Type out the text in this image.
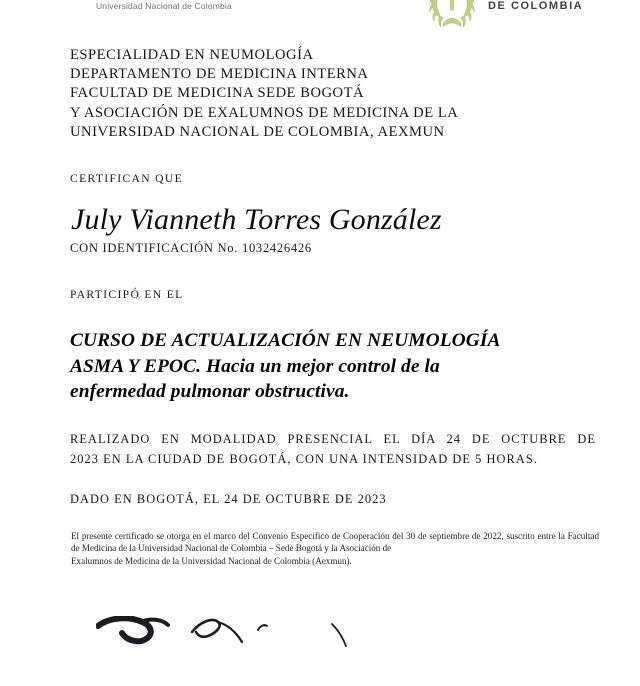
Universidad Nacional de Colombia	DE COLOMBIA
ESPECIALIDAD EN NEUMOLOGÍA
DEPARTAMENTO DE MEDICINA INTERNA
FACULTAD DE MEDICINA SEDE BOGOTÁ
Y ASOCIACIÓN DE EXALUMNOS DE MEDICINA DE LA
UNIVERSIDAD NACIONAL DE COLOMBIA, AEXMUN
CERTIFICAN QUE
July Vianneth Torres González
CON IDENTIFICACIÓN No. 1032426426
PARTICIPÓ EN EL
CURSO DE ACTUALIZACIÓN EN NEUMOLOGÍA
ASMA Y EPOC. Hacia un mejor control de la
enfermedad pulmonar obstructiva.
REALIZADO EN MODALIDAD PRESENCIAL EL DÍA 24 DE OCTUBRE DE
2023 EN LA CIUDAD DE BOGOTÁ, CON UNA INTENSIDAD DE 5 HORAS.
DADO EN BOGOTÁ, EL 24 DE OCTUBRE DE 2023
El presente certificado se otorga en el marco del Convenio Específico de Cooperación del 30 de septiembre de 2022, suscrito entre la Facultad de Medicina de la Universidad Nacional de Colombia – Sede Bogotá y la Asociación de
Exalumnos de Medicina de la Universidad Nacional de Colombia (Aexmun).
